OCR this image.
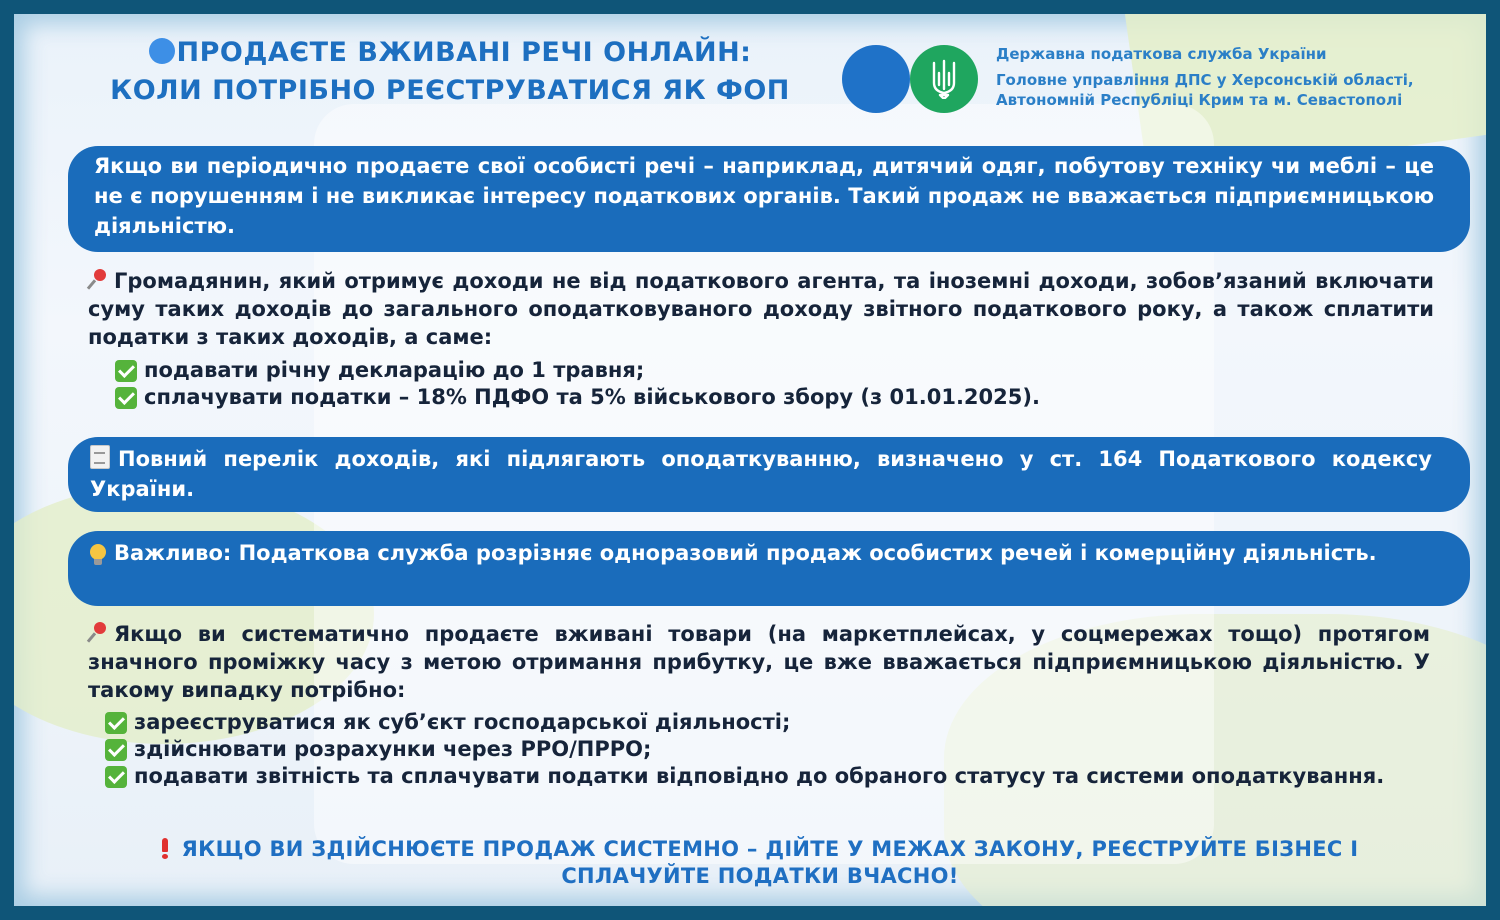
ПРОДАЄТЕ ВЖИВАНІ РЕЧІ ОНЛАЙН:
КОЛИ ПОТРІБНО РЕЄСТРУВАТИСЯ ЯК ФОП
Державна податкова служба України
Головне управління ДПС у Херсонській області,
Автономній Республіці Крим та м. Севастополі
Якщо ви періодично продаєте свої особисті речі – наприклад, дитячий одяг, побутову техніку чи меблі – це не є порушенням і не викликає інтересу податкових органів. Такий продаж не вважається підприємницькою діяльністю.
Громадянин, який отримує доходи не від податкового агента, та іноземні доходи, зобов’язаний включати суму таких доходів до загального оподатковуваного доходу звітного податкового року, а також сплатити податки з таких доходів, а саме:
подавати річну декларацію до 1 травня;
сплачувати податки – 18% ПДФО та 5% військового збору (з 01.01.2025).
Повний перелік доходів, які підлягають оподаткуванню, визначено у ст. 164 Податкового кодексу України.
Важливо: Податкова служба розрізняє одноразовий продаж особистих речей і комерційну діяльність.
Якщо ви систематично продаєте вживані товари (на маркетплейсах, у соцмережах тощо) протягом значного проміжку часу з метою отримання прибутку, це вже вважається підприємницькою діяльністю. У такому випадку потрібно:
зареєструватися як суб’єкт господарської діяльності;
здійснювати розрахунки через РРО/ПРРО;
подавати звітність та сплачувати податки відповідно до обраного статусу та системи оподаткування.
ЯКЩО ВИ ЗДІЙСНЮЄТЕ ПРОДАЖ СИСТЕМНО – ДІЙТЕ У МЕЖАХ ЗАКОНУ, РЕЄСТРУЙТЕ БІЗНЕС І
СПЛАЧУЙТЕ ПОДАТКИ ВЧАСНО!
